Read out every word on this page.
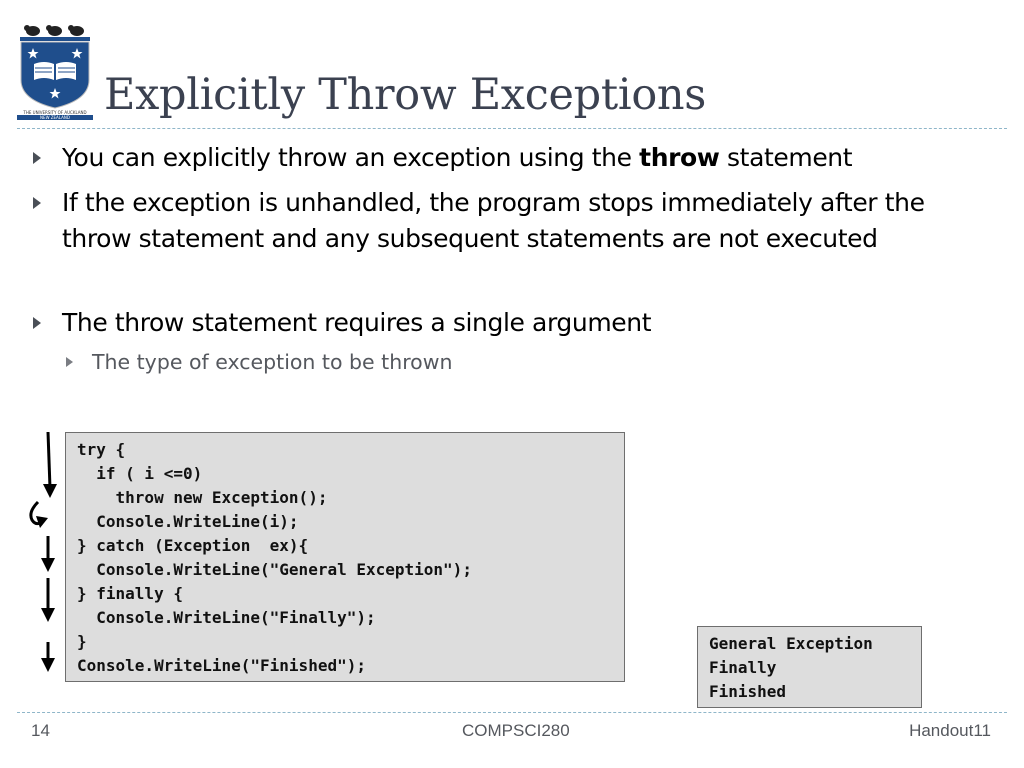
THE UNIVERSITY OF AUCKLAND
NEW ZEALAND Explicitly Throw Exceptions
You can explicitly throw an exception using the throw statement
If the exception is unhandled, the program stops immediately after the throw statement and any subsequent statements are not executed
The throw statement requires a single argument
The type of exception to be thrown
try {
if ( i <=0)
throw new Exception();
Console.WriteLine(i);
} catch (Exception  ex){
Console.WriteLine("General Exception");
} finally {
Console.WriteLine("Finally");
}
Console.WriteLine("Finished");
General Exception
Finally
Finished
14	COMPSCI280	Handout11
